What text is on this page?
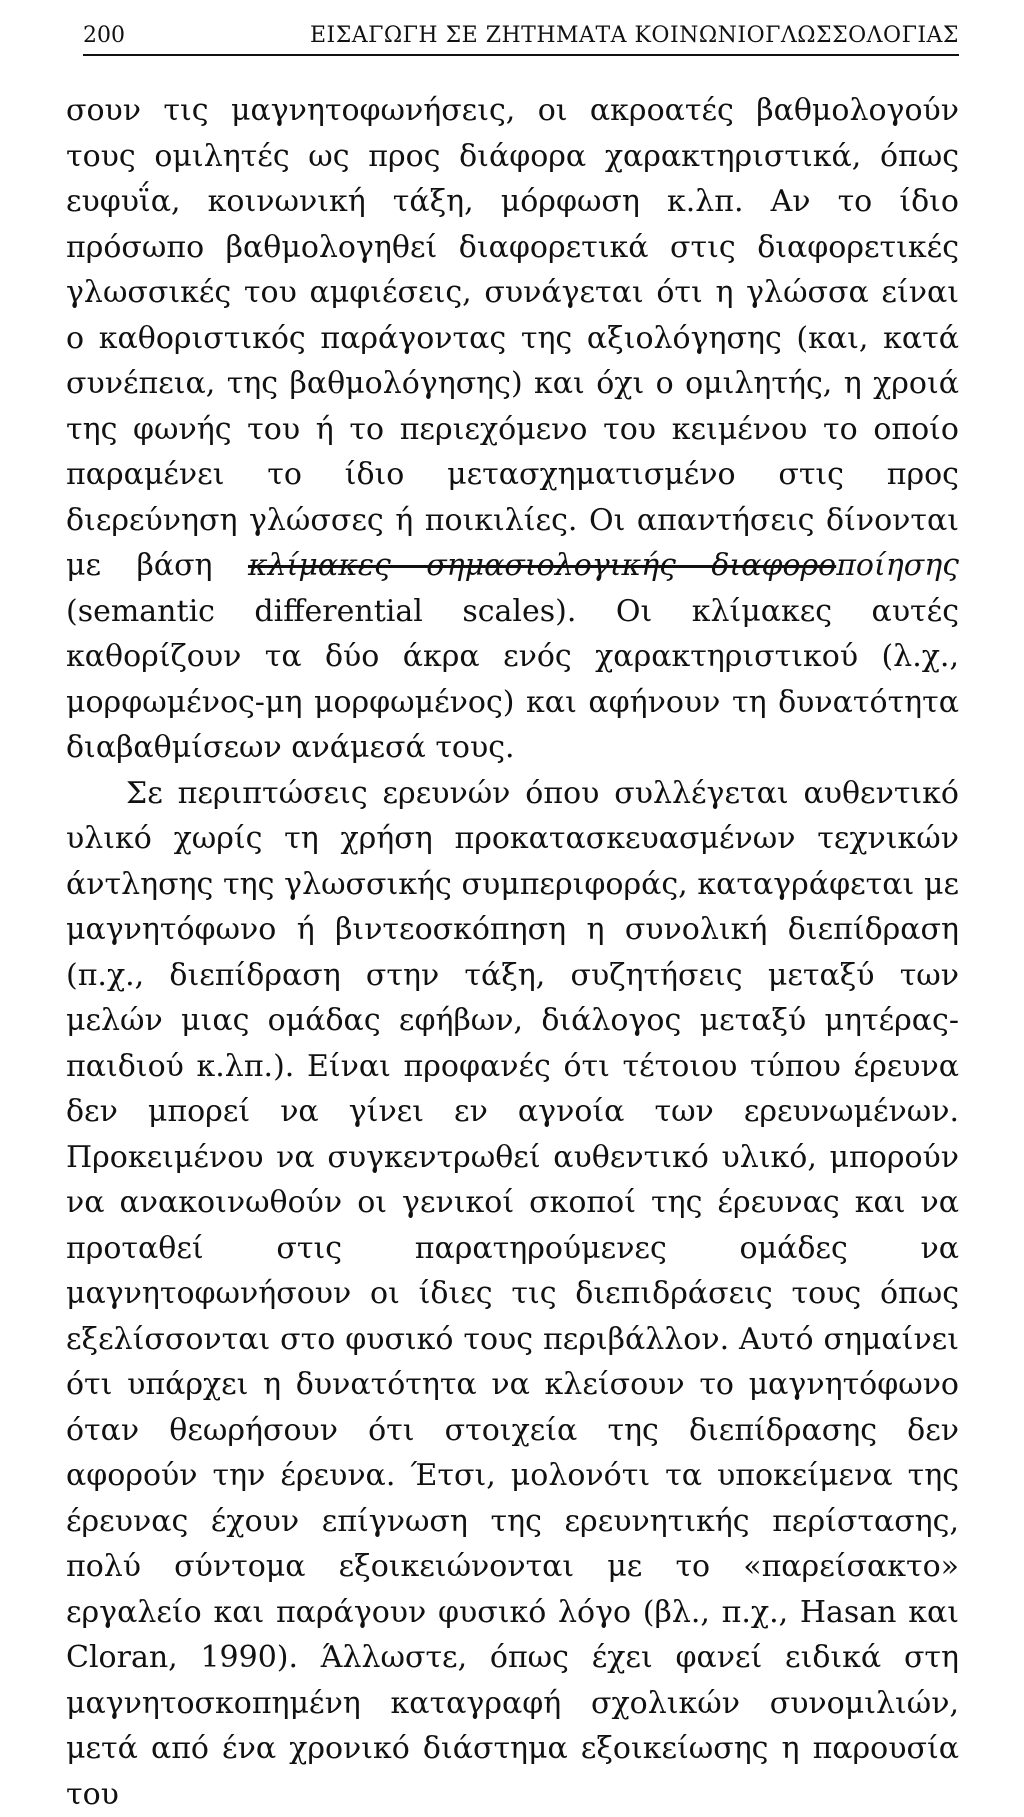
200	ΕΙΣΑΓΩΓΗ ΣΕ ΖΗΤΗΜΑΤΑ ΚΟΙΝΩΝΙΟΓΛΩΣΣΟΛΟΓΙΑΣ

σουν τις μαγνητοφωνήσεις, οι ακροατές βαθμολογούν τους ομιλητές ως προς διάφορα χαρακτηριστικά, όπως ευφυΐα, κοινωνική τάξη, μόρφωση κ.λπ. Αν το ίδιο πρόσωπο βαθμολογηθεί διαφορετικά στις διαφορετικές γλωσσικές του αμφιέσεις, συνάγεται ότι η γλώσσα είναι ο καθοριστικός παράγοντας της αξιολόγησης (και, κατά συνέπεια, της βαθμολόγησης) και όχι ο ομιλητής, η χροιά της φωνής του ή το περιεχόμενο του κειμένου το οποίο παραμένει το ίδιο μετασχηματισμένο στις προς διερεύνηση γλώσσες ή ποικιλίες. Οι απαντήσεις δίνονται με βάση κλίμακες σημασιολογικής διαφοροποίησης (semantic differential scales). Οι κλίμακες αυτές καθορίζουν τα δύο άκρα ενός χαρακτηριστικού (λ.χ., μορφωμένος-μη μορφωμένος) και αφήνουν τη δυνατότητα διαβαθμίσεων ανάμεσά τους.

Σε περιπτώσεις ερευνών όπου συλλέγεται αυθεντικό υλικό χωρίς τη χρήση προκατασκευασμένων τεχνικών άντλησης της γλωσσικής συμπεριφοράς, καταγράφεται με μαγνητόφωνο ή βιντεοσκόπηση η συνολική διεπίδραση (π.χ., διεπίδραση στην τάξη, συζητήσεις μεταξύ των μελών μιας ομάδας εφήβων, διάλογος μεταξύ μητέρας-παιδιού κ.λπ.). Είναι προφανές ότι τέτοιου τύπου έρευνα δεν μπορεί να γίνει εν αγνοία των ερευνωμένων. Προκειμένου να συγκεντρωθεί αυθεντικό υλικό, μπορούν να ανακοινωθούν οι γενικοί σκοποί της έρευνας και να προταθεί στις παρατηρούμενες ομάδες να μαγνητοφωνήσουν οι ίδιες τις διεπιδράσεις τους όπως εξελίσσονται στο φυσικό τους περιβάλλον. Αυτό σημαίνει ότι υπάρχει η δυνατότητα να κλείσουν το μαγνητόφωνο όταν θεωρήσουν ότι στοιχεία της διεπίδρασης δεν αφορούν την έρευνα. Έτσι, μολονότι τα υποκείμενα της έρευνας έχουν επίγνωση της ερευνητικής περίστασης, πολύ σύντομα εξοικειώνονται με το «παρείσακτο» εργαλείο και παράγουν φυσικό λόγο (βλ., π.χ., Hasan και Cloran, 1990). Άλλωστε, όπως έχει φανεί ειδικά στη μαγνητοσκοπημένη καταγραφή σχολικών συνομιλιών, μετά από ένα χρονικό διάστημα εξοικείωσης η παρουσία του
